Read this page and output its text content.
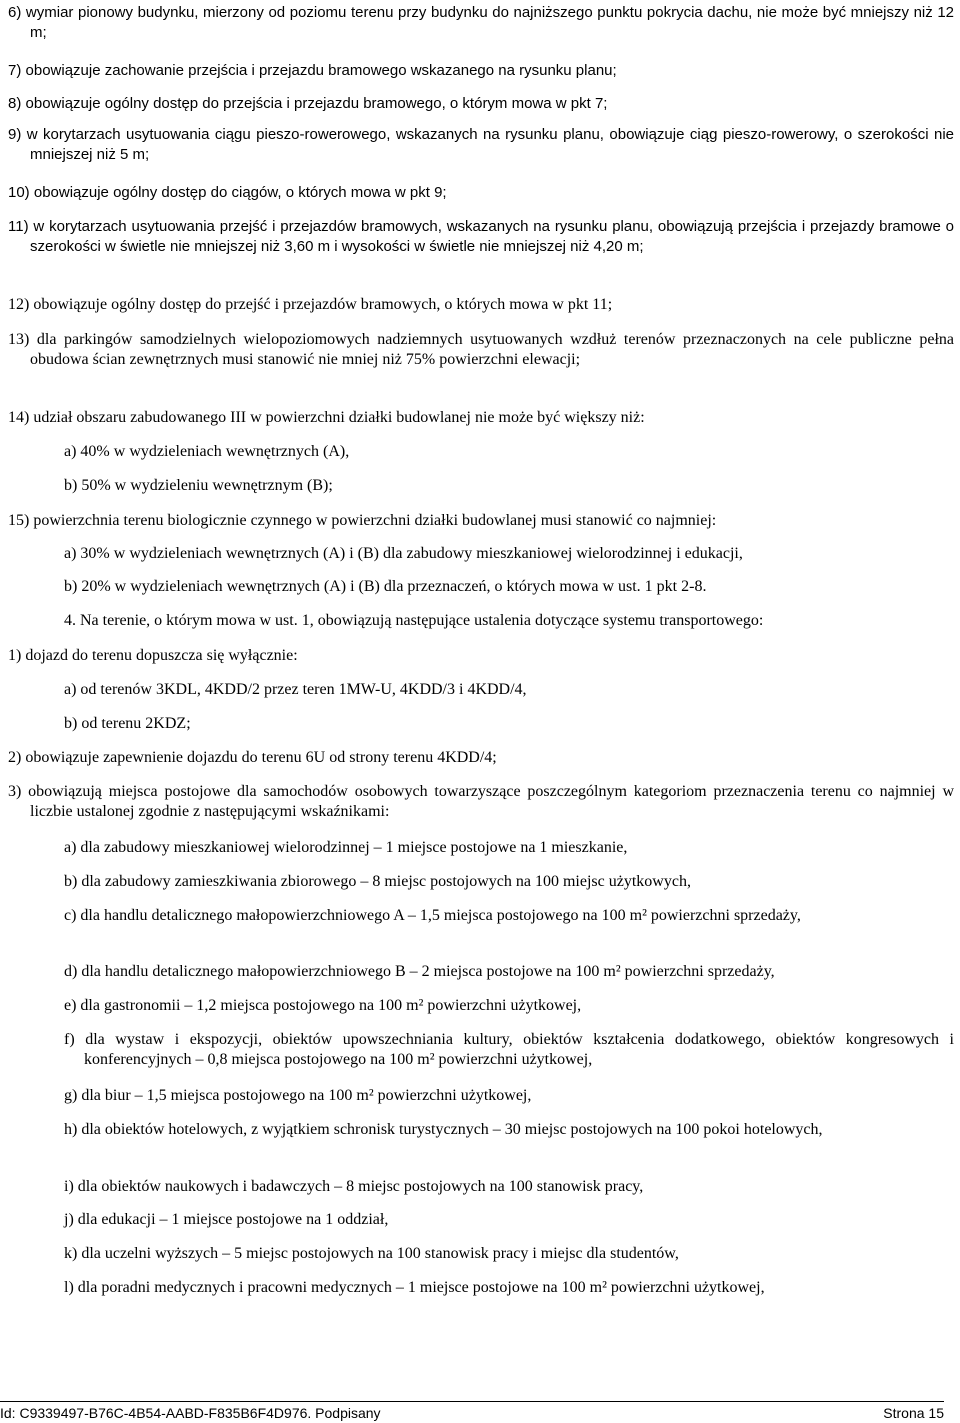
6) wymiar pionowy budynku, mierzony od poziomu terenu przy budynku do najniższego punktu pokrycia dachu, nie może być mniejszy niż 12 m;
7) obowiązuje zachowanie przejścia i przejazdu bramowego wskazanego na rysunku planu;
8) obowiązuje ogólny dostęp do przejścia i przejazdu bramowego, o którym mowa w pkt 7;
9) w korytarzach usytuowania ciągu pieszo-rowerowego, wskazanych na rysunku planu, obowiązuje ciąg pieszo-rowerowy, o szerokości nie mniejszej niż 5 m;
10) obowiązuje ogólny dostęp do ciągów, o których mowa w pkt 9;
11) w korytarzach usytuowania przejść i przejazdów bramowych, wskazanych na rysunku planu, obowiązują przejścia i przejazdy bramowe o szerokości w świetle nie mniejszej niż 3,60 m i wysokości w świetle nie mniejszej niż 4,20 m;
12) obowiązuje ogólny dostęp do przejść i przejazdów bramowych, o których mowa w pkt 11;
13) dla parkingów samodzielnych wielopoziomowych nadziemnych usytuowanych wzdłuż terenów przeznaczonych na cele publiczne pełna obudowa ścian zewnętrznych musi stanowić nie mniej niż 75% powierzchni elewacji;
14) udział obszaru zabudowanego III w powierzchni działki budowlanej nie może być większy niż:
a) 40% w wydzieleniach wewnętrznych (A),
b) 50% w wydzieleniu wewnętrznym (B);
15) powierzchnia terenu biologicznie czynnego w powierzchni działki budowlanej musi stanowić co najmniej:
a) 30% w wydzieleniach wewnętrznych (A) i (B) dla zabudowy mieszkaniowej wielorodzinnej i edukacji,
b) 20% w wydzieleniach wewnętrznych (A) i (B) dla przeznaczeń, o których mowa w ust. 1 pkt 2-8.
4. Na terenie, o którym mowa w ust. 1, obowiązują następujące ustalenia dotyczące systemu transportowego:
1) dojazd do terenu dopuszcza się wyłącznie:
a) od terenów 3KDL, 4KDD/2 przez teren 1MW-U, 4KDD/3 i 4KDD/4,
b) od terenu 2KDZ;
2) obowiązuje zapewnienie dojazdu do terenu 6U od strony terenu 4KDD/4;
3) obowiązują miejsca postojowe dla samochodów osobowych towarzyszące poszczególnym kategoriom przeznaczenia terenu co najmniej w liczbie ustalonej zgodnie z następującymi wskaźnikami:
a) dla zabudowy mieszkaniowej wielorodzinnej – 1 miejsce postojowe na 1 mieszkanie,
b) dla zabudowy zamieszkiwania zbiorowego – 8 miejsc postojowych na 100 miejsc użytkowych,
c) dla handlu detalicznego małopowierzchniowego A – 1,5 miejsca postojowego na 100 m² powierzchni sprzedaży,
d) dla handlu detalicznego małopowierzchniowego B – 2 miejsca postojowe na 100 m² powierzchni sprzedaży,
e) dla gastronomii – 1,2 miejsca postojowego na 100 m² powierzchni użytkowej,
f) dla wystaw i ekspozycji, obiektów upowszechniania kultury, obiektów kształcenia dodatkowego, obiektów kongresowych i konferencyjnych – 0,8 miejsca postojowego na 100 m² powierzchni użytkowej,
g) dla biur – 1,5 miejsca postojowego na 100 m² powierzchni użytkowej,
h) dla obiektów hotelowych, z wyjątkiem schronisk turystycznych – 30 miejsc postojowych na 100 pokoi hotelowych,
i) dla obiektów naukowych i badawczych – 8 miejsc postojowych na 100 stanowisk pracy,
j) dla edukacji – 1 miejsce postojowe na 1 oddział,
k) dla uczelni wyższych – 5 miejsc postojowych na 100 stanowisk pracy i miejsc dla studentów,
l) dla poradni medycznych i pracowni medycznych – 1 miejsce postojowe na 100 m² powierzchni użytkowej,
Id: C9339497-B76C-4B54-AABD-F835B6F4D976. Podpisany	Strona 15
